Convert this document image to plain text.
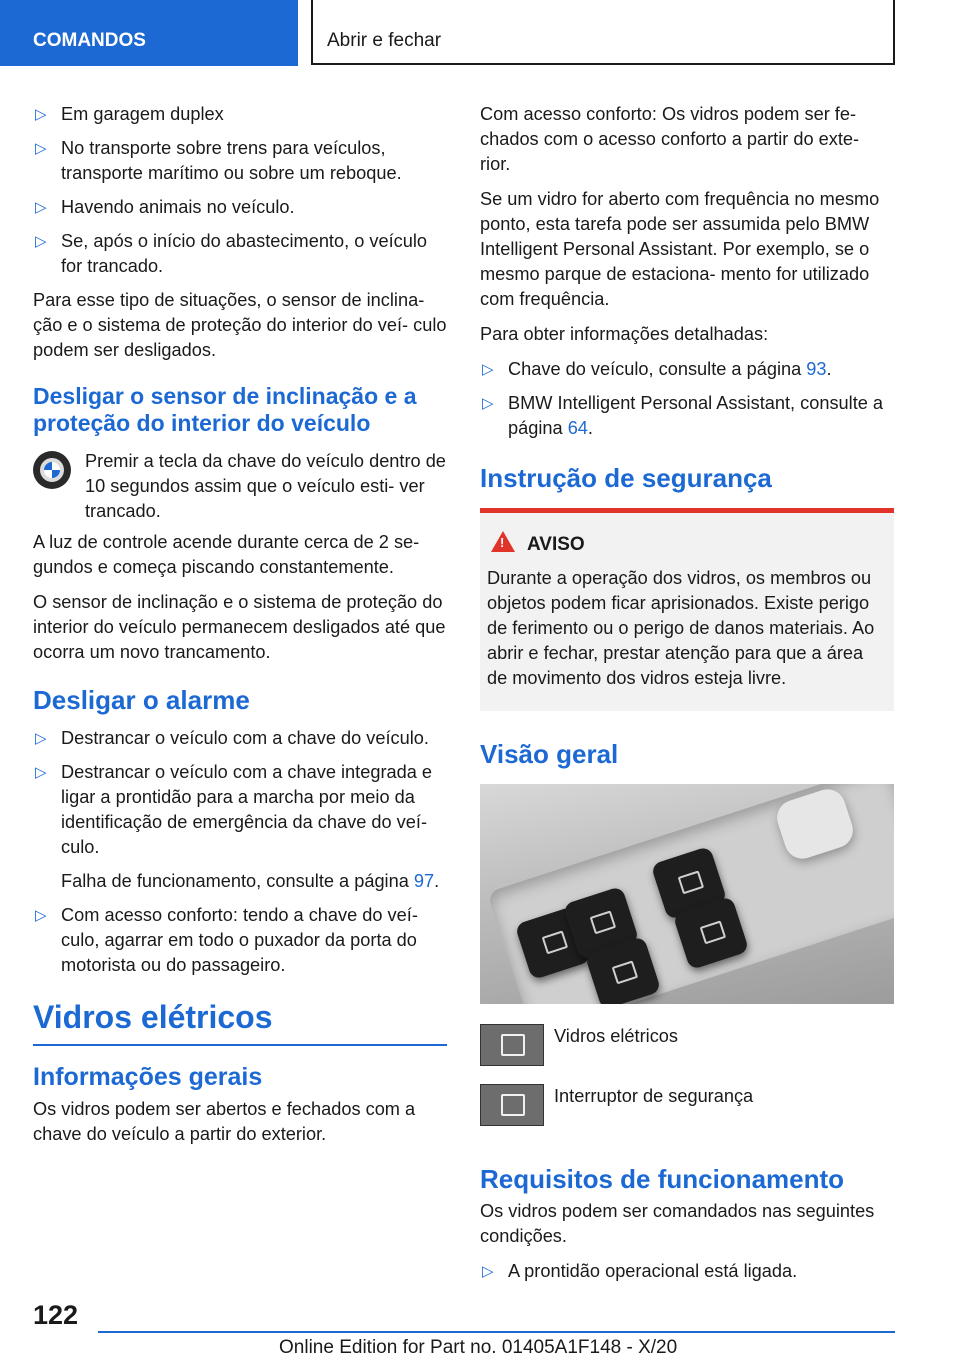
COMANDOS	Abrir e fechar
▷ Em garagem duplex
▷ No transporte sobre trens para veículos, transporte marítimo ou sobre um reboque.
▷ Havendo animais no veículo.
▷ Se, após o início do abastecimento, o veículo for trancado.

Para esse tipo de situações, o sensor de inclina‐ ção e o sistema de proteção do interior do veí‐ culo podem ser desligados.

Desligar o sensor de inclinação e a proteção do interior do veículo
Premir a tecla da chave do veículo dentro de 10 segundos assim que o veículo esti‐ ver trancado.

A luz de controle acende durante cerca de 2 se‐ gundos e começa piscando constantemente.

O sensor de inclinação e o sistema de proteção do interior do veículo permanecem desligados até que ocorra um novo trancamento.

Desligar o alarme
▷ Destrancar o veículo com a chave do veículo.
▷ Destrancar o veículo com a chave integrada e ligar a prontidão para a marcha por meio da identificação de emergência da chave do veí‐ culo.
Falha de funcionamento, consulte a página 97.
▷ Com acesso conforto: tendo a chave do veí‐ culo, agarrar em todo o puxador da porta do motorista ou do passageiro.
Vidros elétricos
Informações gerais

Os vidros podem ser abertos e fechados com a chave do veículo a partir do exterior.

Com acesso conforto: Os vidros podem ser fe‐ chados com o acesso conforto a partir do exte‐ rior.

Se um vidro for aberto com frequência no mesmo ponto, esta tarefa pode ser assumida pelo BMW Intelligent Personal Assistant. Por exemplo, se o mesmo parque de estaciona‐ mento for utilizado com frequência.

Para obter informações detalhadas:

▷ Chave do veículo, consulte a página 93.
▷ BMW Intelligent Personal Assistant, consulte a página 64.
Instrução de segurança
!AVISO

Durante a operação dos vidros, os membros ou objetos podem ficar aprisionados. Existe perigo de ferimento ou o perigo de danos materiais. Ao abrir e fechar, prestar atenção para que a área de movimento dos vidros esteja livre.

Visão geral
Vidros elétricos
Interruptor de segurança
Requisitos de funcionamento

Os vidros podem ser comandados nas seguintes condições.

▷ A prontidão operacional está ligada.
122
Online Edition for Part no. 01405A1F148 - X/20
